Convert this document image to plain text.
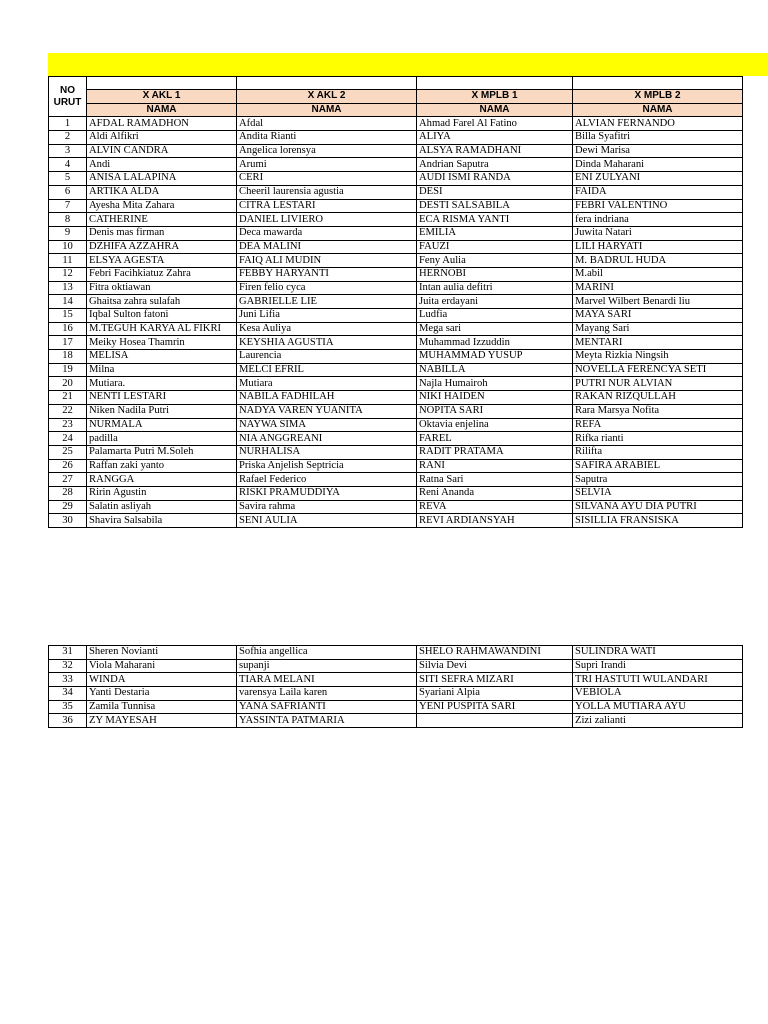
NO URUT				
	X AKL 1	X AKL 2	X MPLB 1	X MPLB 2
	NAMA	NAMA	NAMA	NAMA
1	AFDAL RAMADHON	Afdal	Ahmad Farel Al Fatino	ALVIAN FERNANDO
2	Aldi Alfikri	Andita Rianti	ALIYA	Billa Syafitri
3	ALVIN CANDRA	Angelica lorensya	ALSYA RAMADHANI	Dewi Marisa
4	Andi	Arumi	Andrian Saputra	Dinda Maharani
5	ANISA LALAPINA	CERI	AUDI ISMI RANDA	ENI ZULYANI
6	ARTIKA ALDA	Cheeril laurensia agustia	DESI	FAIDA
7	Ayesha Mita Zahara	CITRA LESTARI	DESTI SALSABILA	FEBRI VALENTINO
8	CATHERINE	DANIEL LIVIERO	ECA RISMA YANTI	fera indriana
9	Denis mas firman	Deca mawarda	EMILIA	Juwita Natari
10	DZHIFA AZZAHRA	DEA MALINI	FAUZI	LILI HARYATI
11	ELSYA AGESTA	FAIQ ALI MUDIN	Feny Aulia	M. BADRUL HUDA
12	Febri Facihkiatuz Zahra	FEBBY HARYANTI	HERNOBI	M.abil
13	Fitra oktiawan	Firen felio cyca	Intan aulia defitri	MARINI
14	Ghaitsa zahra sulafah	GABRIELLE LIE	Juita erdayani	Marvel Wilbert Benardi liu
15	Iqbal Sulton fatoni	Juni Lifia	Ludfia	MAYA SARI
16	M.TEGUH KARYA AL FIKRI	Kesa Auliya	Mega sari	Mayang Sari
17	Meiky Hosea Thamrin	KEYSHIA AGUSTIA	Muhammad Izzuddin	MENTARI
18	MELISA	Laurencia	MUHAMMAD YUSUP	Meyta Rizkia Ningsih
19	Milna	MELCI EFRIL	NABILLA	NOVELLA FERENCYA SETI
20	Mutiara.	Mutiara	Najla Humairoh	PUTRI NUR ALVIAN
21	NENTI LESTARI	NABILA FADHILAH	NIKI HAIDEN	RAKAN RIZQULLAH
22	Niken Nadila Putri	NADYA VAREN YUANITA	NOPITA SARI	Rara Marsya Nofita
23	NURMALA	NAYWA SIMA	Oktavia enjelina	REFA
24	padilla	NIA ANGGREANI	FAREL	Rifka rianti
25	Palamarta Putri M.Soleh	NURHALISA	RADIT PRATAMA	Rilifta
26	Raffan zaki yanto	Priska Anjelish Septricia	RANI	SAFIRA ARABIEL
27	RANGGA	Rafael Federico	Ratna Sari	Saputra
28	Ririn Agustin	RISKI PRAMUDDIYA	Reni Ananda	SELVIA
29	Salatin asliyah	Savira rahma	REVA	SILVANA AYU DIA PUTRI
30	Shavira Salsabila	SENI AULIA	REVI ARDIANSYAH	SISILLIA FRANSISKA
31	Sheren Novianti	Sofhia angellica	SHELO RAHMAWANDINI	SULINDRA WATI
32	Viola Maharani	supanji	Silvia Devi	Supri Irandi
33	WINDA	TIARA MELANI	SITI SEFRA MIZARI	TRI HASTUTI WULANDARI
34	Yanti Destaria	varensya Laila karen	Syariani Alpia	VEBIOLA
35	Zamila Tunnisa	YANA SAFRIANTI	YENI PUSPITA SARI	YOLLA MUTIARA AYU
36	ZY MAYESAH	YASSINTA PATMARIA		Zizi zalianti
